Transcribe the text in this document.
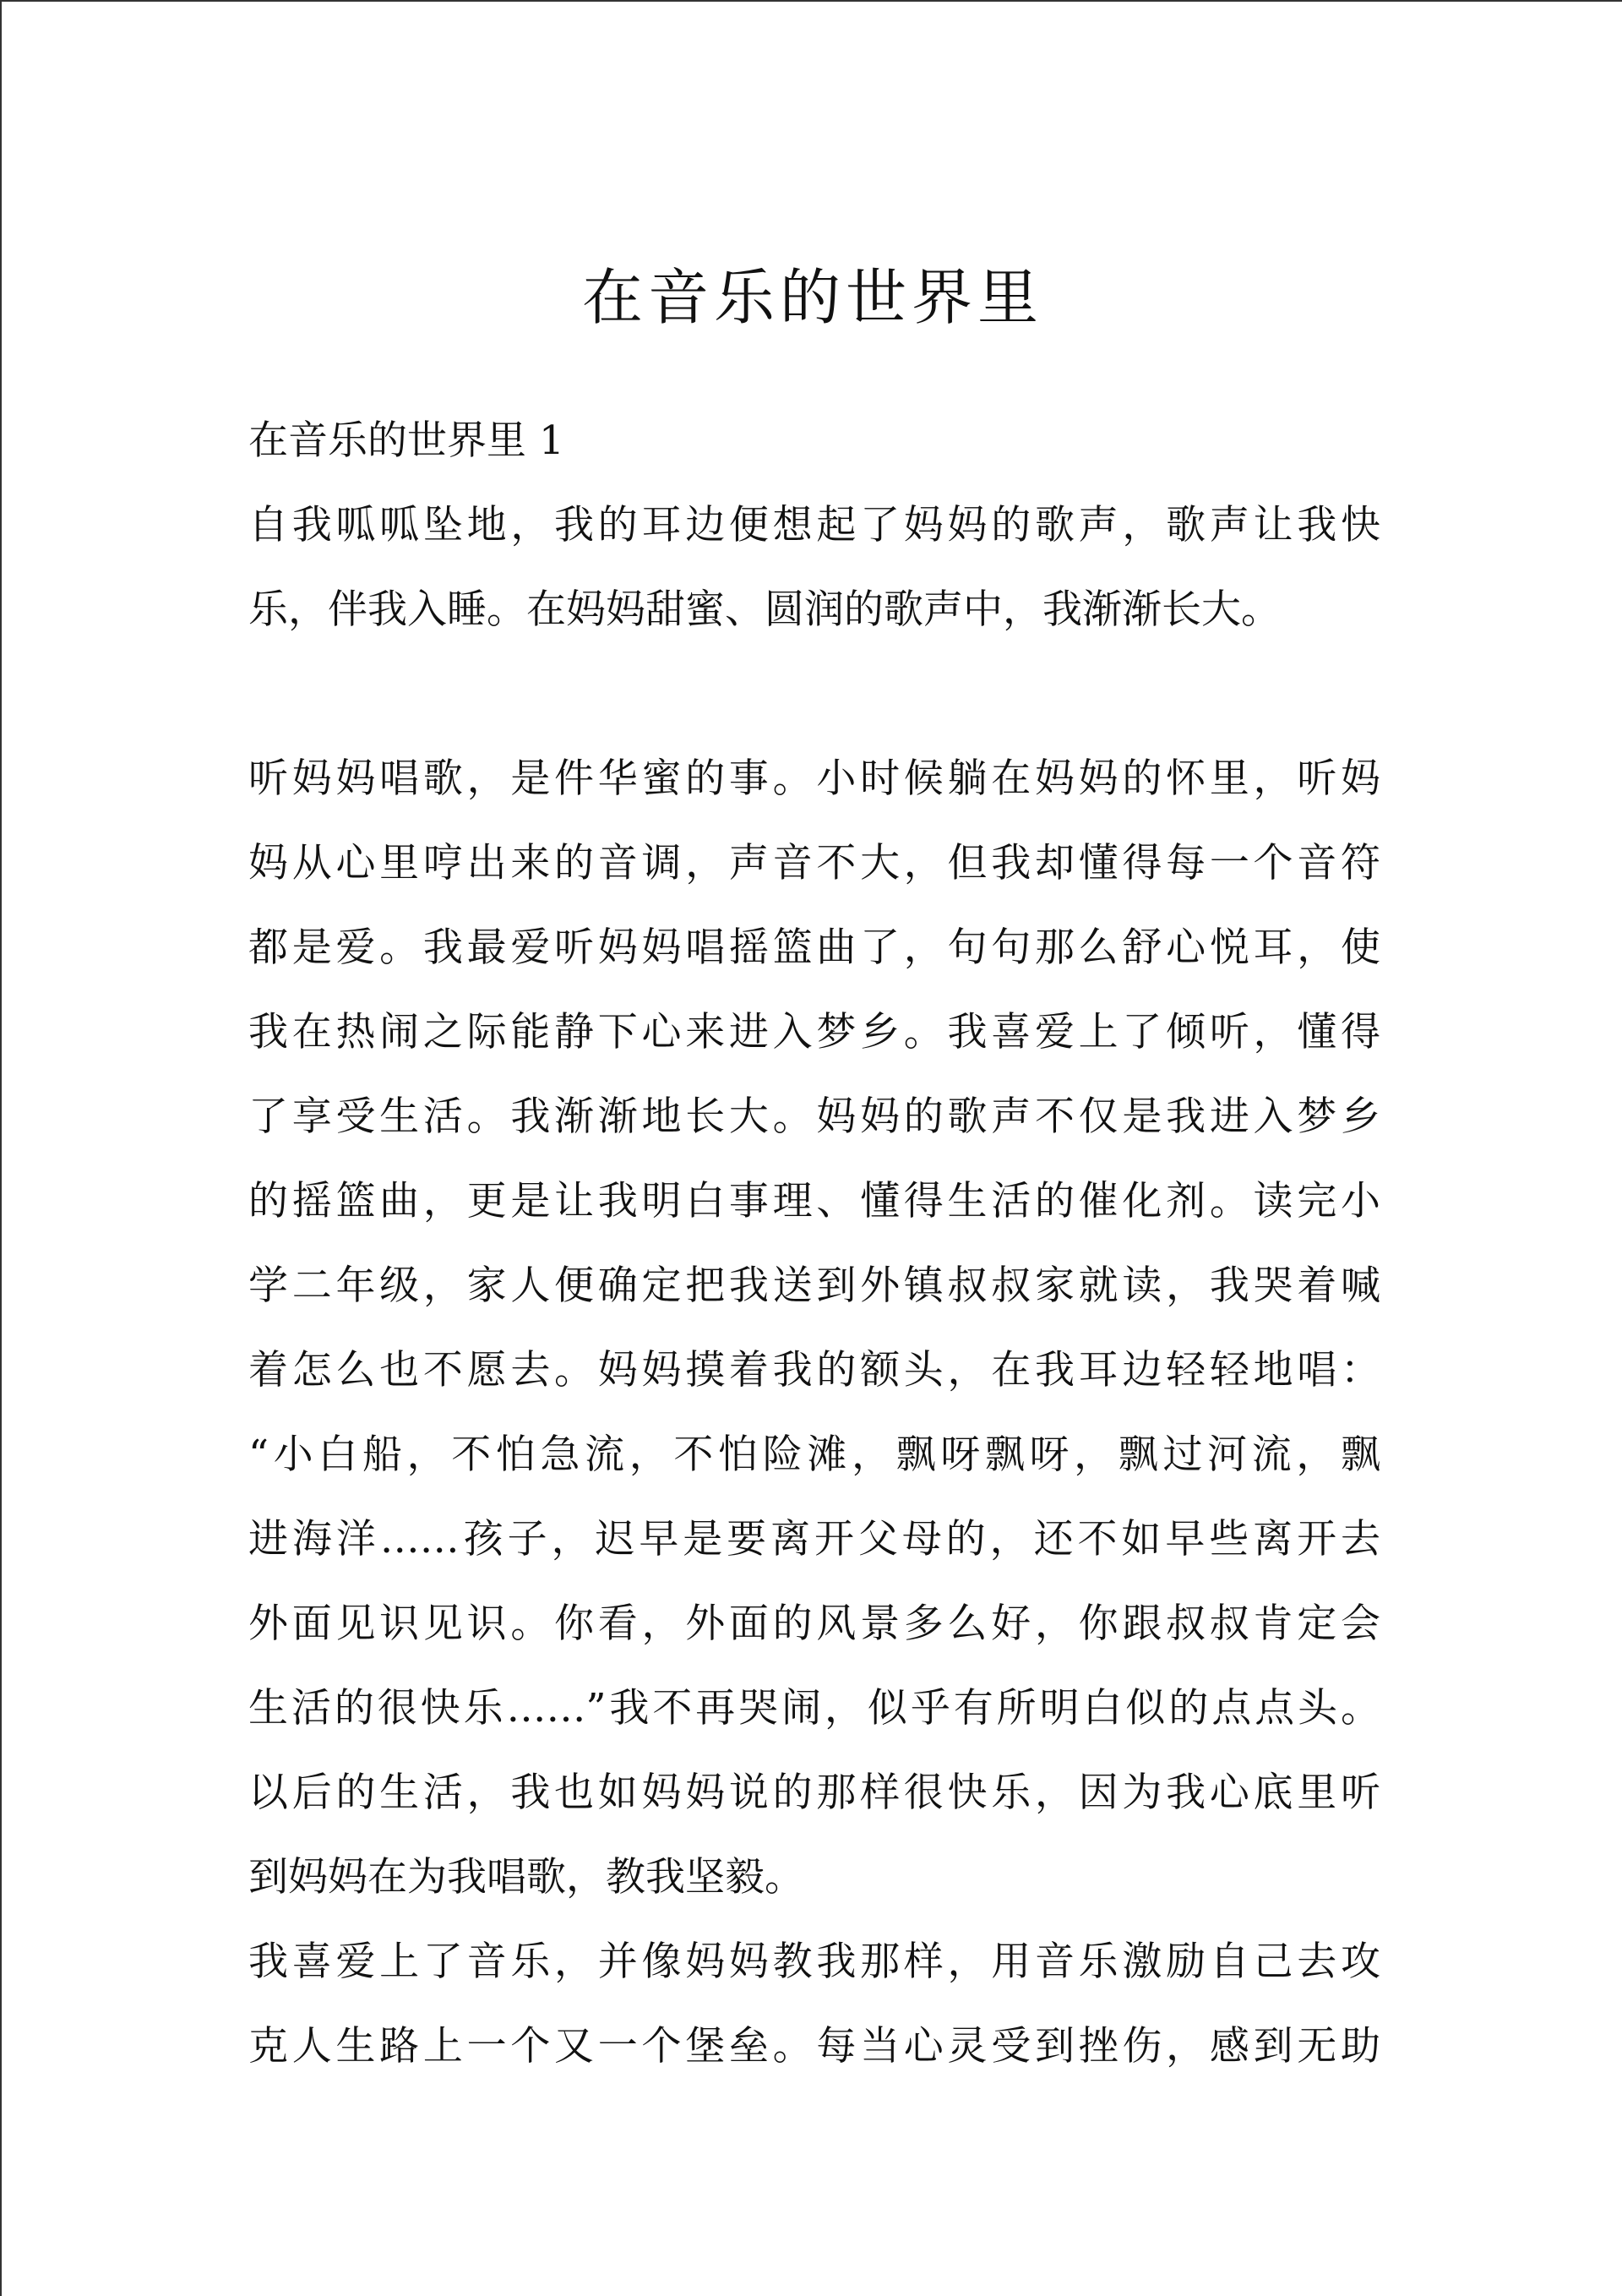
在音乐的世界里
在音乐的世界里 1
自我呱呱坠地，我的耳边便想起了妈妈的歌声，歌声让我快
乐，伴我入睡。在妈妈甜蜜、圆润的歌声中，我渐渐长大。
听妈妈唱歌，是件华蜜的事。小时候躺在妈妈的怀里，听妈
妈从心里哼出来的音调，声音不大，但我却懂得每一个音符
都是爱。我最爱听妈妈唱摇篮曲了，句句那么舒心悦耳，使
我在热闹之际能静下心来进入梦乡。我喜爱上了倾听，懂得
了享受生活。我渐渐地长大。妈妈的歌声不仅是我进入梦乡
的摇篮曲，更是让我明白事理、懂得生活的催化剂。读完小
学二年级，家人便确定把我送到外镇叔叔家就读，我哭着喊
着怎么也不愿去。妈妈摸着我的额头，在我耳边轻轻地唱：
“小白船，不怕急流，不怕险滩，飘呀飘呀，飘过河流，飘
进海洋……孩子，迟早是要离开父母的，还不如早些离开去
外面见识见识。你看，外面的风景多么好，你跟叔叔肯定会
生活的很快乐……”我不再哭闹，似乎有所明白似的点点头。
以后的生活，我也如妈妈说的那样很快乐，因为我心底里听
到妈妈在为我唱歌，教我坚毅。
我喜爱上了音乐，并像妈妈教我那样，用音乐激励自己去攻
克人生路上一个又一个堡垒。每当心灵受到挫伤，感到无助
